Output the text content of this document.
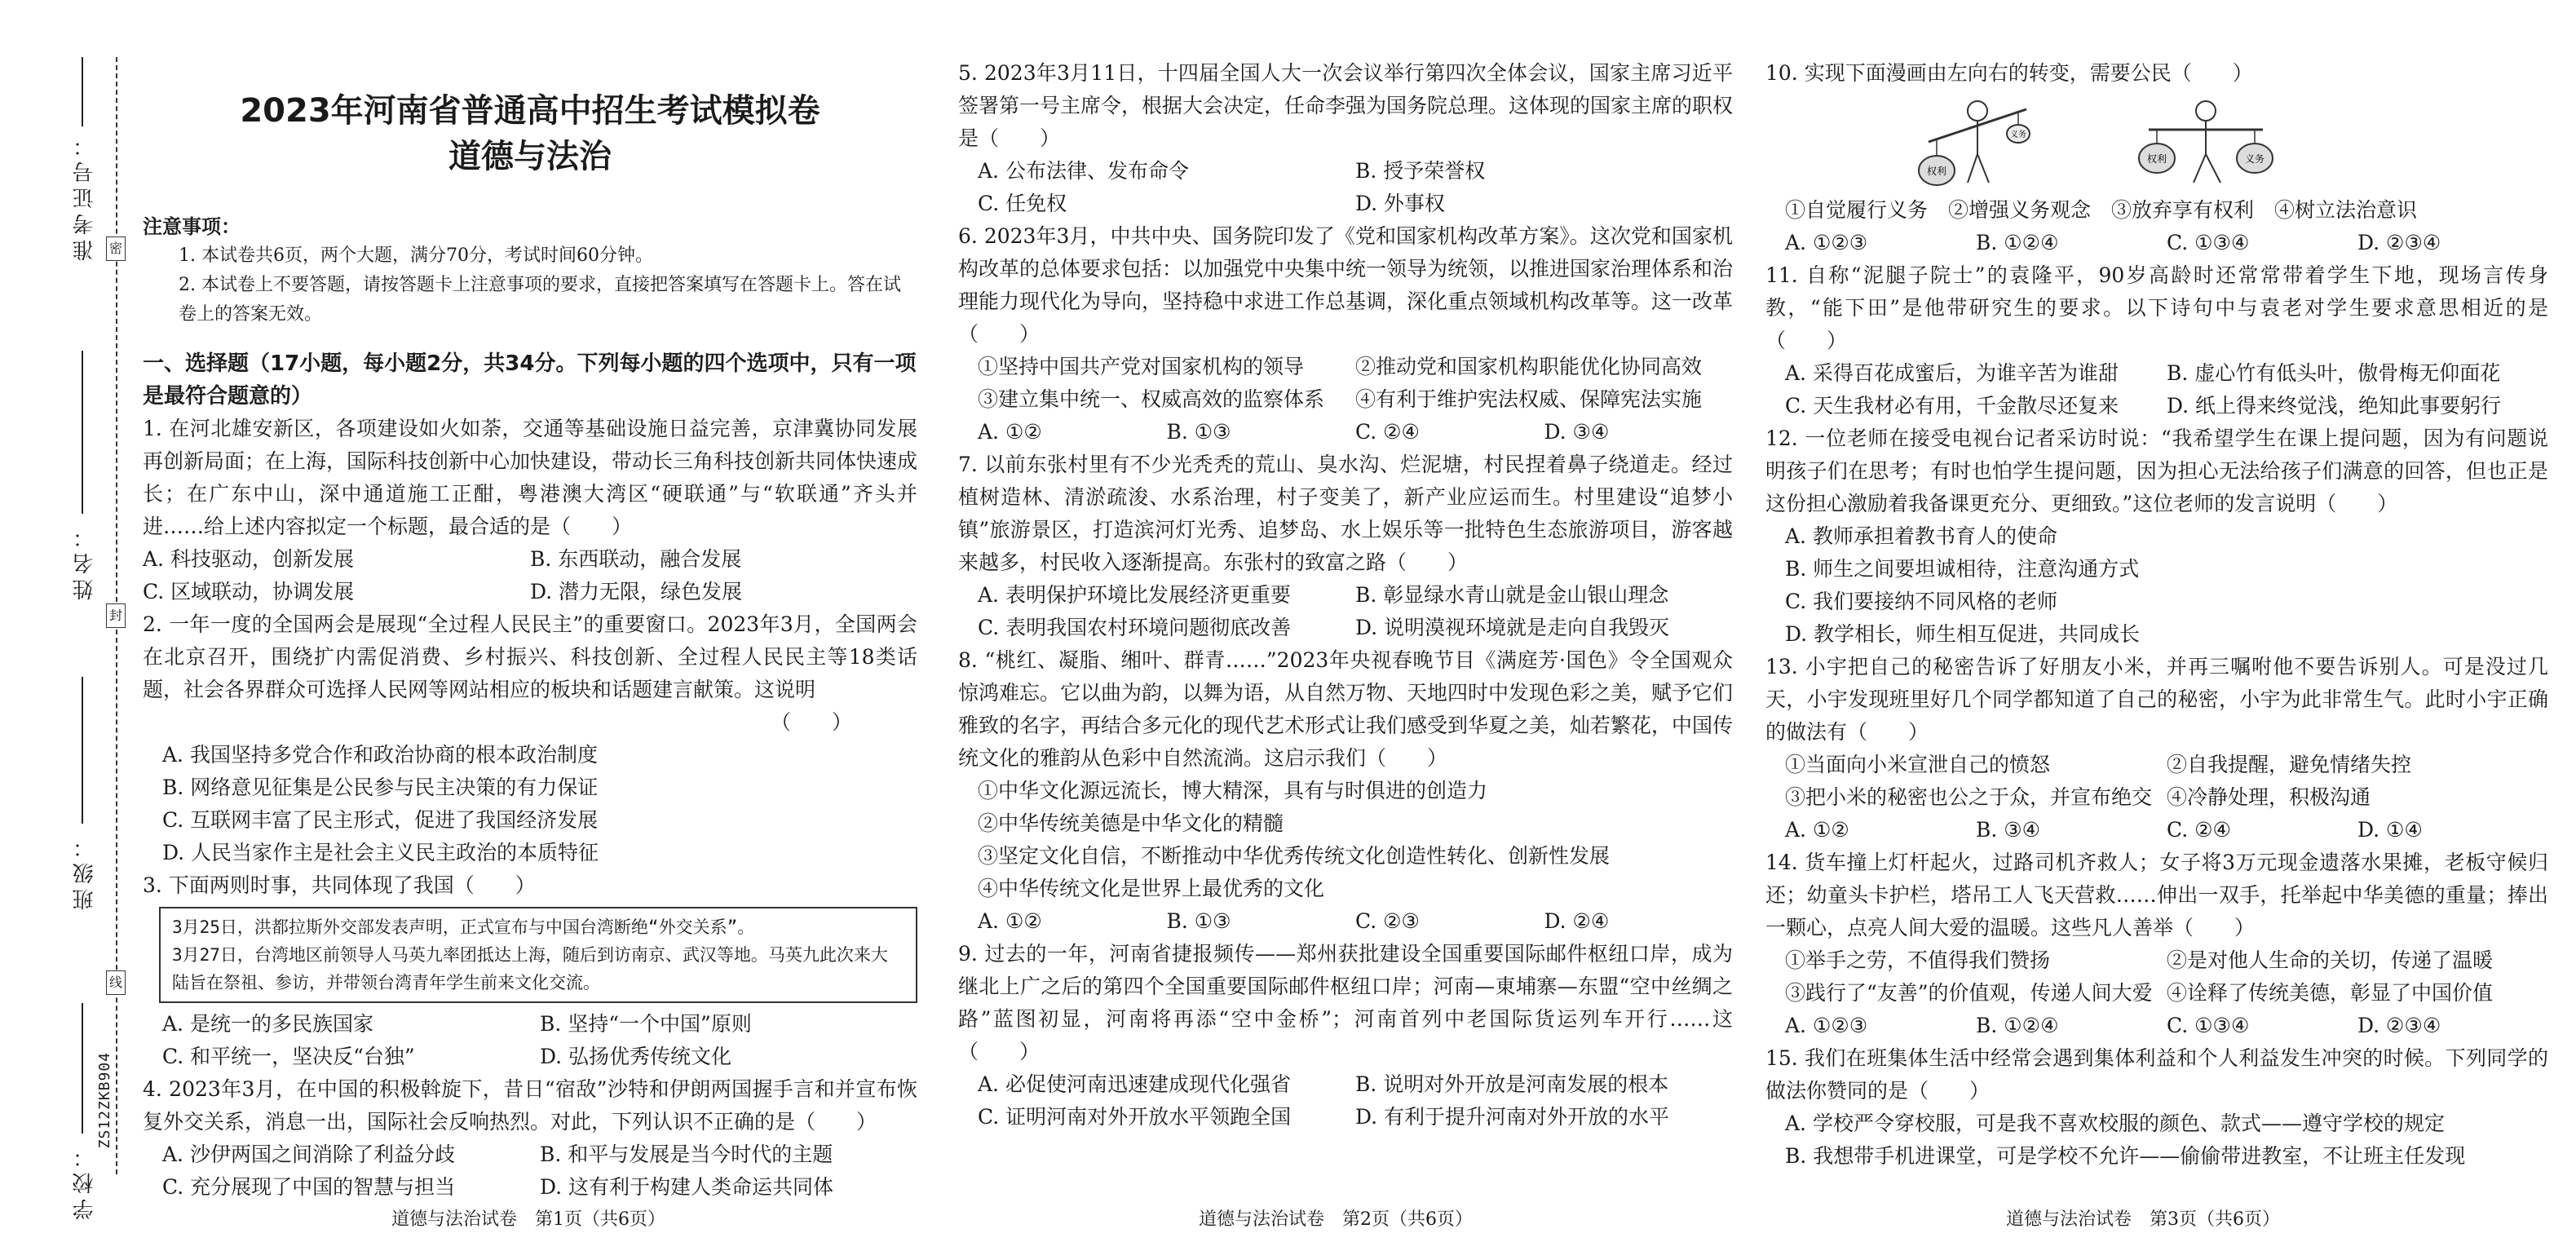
密
封
线
准考证号：
姓名：
班级：
学校：
ZS12ZKB904
2023年河南省普通高中招生考试模拟卷
道德与法治
注意事项：
1. 本试卷共6页，两个大题，满分70分，考试时间60分钟。
2. 本试卷上不要答题，请按答题卡上注意事项的要求，直接把答案填写在答题卡上。答在试卷上的答案无效。
一、选择题（17小题，每小题2分，共34分。下列每小题的四个选项中，只有一项是最符合题意的）

1. 在河北雄安新区，各项建设如火如荼，交通等基础设施日益完善，京津冀协同发展再创新局面；在上海，国际科技创新中心加快建设，带动长三角科技创新共同体快速成长；在广东中山，深中通道施工正酣，粤港澳大湾区“硬联通”与“软联通”齐头并进……给上述内容拟定一个标题，最合适的是（　　）

A. 科技驱动，创新发展	B. 东西联动，融合发展
C. 区域联动，协调发展	D. 潜力无限，绿色发展

2. 一年一度的全国两会是展现“全过程人民民主”的重要窗口。2023年3月，全国两会在北京召开，围绕扩内需促消费、乡村振兴、科技创新、全过程人民民主等18类话题，社会各界群众可选择人民网等网站相应的板块和话题建言献策。这说明

（　　）
A. 我国坚持多党合作和政治协商的根本政治制度
B. 网络意见征集是公民参与民主决策的有力保证
C. 互联网丰富了民主形式，促进了我国经济发展
D. 人民当家作主是社会主义民主政治的本质特征

3. 下面两则时事，共同体现了我国（　　）

3月25日，洪都拉斯外交部发表声明，正式宣布与中国台湾断绝“外交关系”。
3月27日，台湾地区前领导人马英九率团抵达上海，随后到访南京、武汉等地。马英九此次来大陆旨在祭祖、参访，并带领台湾青年学生前来文化交流。
A. 是统一的多民族国家	B. 坚持“一个中国”原则
C. 和平统一，坚决反“台独”	D. 弘扬优秀传统文化

4. 2023年3月，在中国的积极斡旋下，昔日“宿敌”沙特和伊朗两国握手言和并宣布恢复外交关系，消息一出，国际社会反响热烈。对此，下列认识不正确的是（　　）

A. 沙伊两国之间消除了利益分歧	B. 和平与发展是当今时代的主题
C. 充分展现了中国的智慧与担当	D. 这有利于构建人类命运共同体
道德与法治试卷　第1页（共6页）

5. 2023年3月11日，十四届全国人大一次会议举行第四次全体会议，国家主席习近平签署第一号主席令，根据大会决定，任命李强为国务院总理。这体现的国家主席的职权是（　　）

A. 公布法律、发布命令	B. 授予荣誉权
C. 任免权	D. 外事权

6. 2023年3月，中共中央、国务院印发了《党和国家机构改革方案》。这次党和国家机构改革的总体要求包括：以加强党中央集中统一领导为统领，以推进国家治理体系和治理能力现代化为导向，坚持稳中求进工作总基调，深化重点领域机构改革等。这一改革（　　）

①坚持中国共产党对国家机构的领导	②推动党和国家机构职能优化协同高效
③建立集中统一、权威高效的监察体系	④有利于维护宪法权威、保障宪法实施
A. ①②	B. ①③	C. ②④	D. ③④

7. 以前东张村里有不少光秃秃的荒山、臭水沟、烂泥塘，村民捏着鼻子绕道走。经过植树造林、清淤疏浚、水系治理，村子变美了，新产业应运而生。村里建设“追梦小镇”旅游景区，打造滨河灯光秀、追梦岛、水上娱乐等一批特色生态旅游项目，游客越来越多，村民收入逐渐提高。东张村的致富之路（　　）

A. 表明保护环境比发展经济更重要	B. 彰显绿水青山就是金山银山理念
C. 表明我国农村环境问题彻底改善	D. 说明漠视环境就是走向自我毁灭

8. “桃红、凝脂、缃叶、群青……”2023年央视春晚节目《满庭芳·国色》令全国观众惊鸿难忘。它以曲为韵，以舞为语，从自然万物、天地四时中发现色彩之美，赋予它们雅致的名字，再结合多元化的现代艺术形式让我们感受到华夏之美，灿若繁花，中国传统文化的雅韵从色彩中自然流淌。这启示我们（　　）

①中华文化源远流长，博大精深，具有与时俱进的创造力
②中华传统美德是中华文化的精髓
③坚定文化自信，不断推动中华优秀传统文化创造性转化、创新性发展
④中华传统文化是世界上最优秀的文化
A. ①②	B. ①③	C. ②③	D. ②④

9. 过去的一年，河南省捷报频传——郑州获批建设全国重要国际邮件枢纽口岸，成为继北上广之后的第四个全国重要国际邮件枢纽口岸；河南—東埔寨—东盟“空中丝绸之路”蓝图初显，河南将再添“空中金桥”；河南首列中老国际货运列车开行……这（　　）

A. 必促使河南迅速建成现代化强省	B. 说明对外开放是河南发展的根本
C. 证明河南对外开放水平领跑全国	D. 有利于提升河南对外开放的水平
道德与法治试卷　第2页（共6页）

10. 实现下面漫画由左向右的转变，需要公民（　　）

权利
义务
权利	义务
①自觉履行义务　②增强义务观念　③放弃享有权利　④树立法治意识
A. ①②③	B. ①②④	C. ①③④	D. ②③④

11. 自称“泥腿子院士”的袁隆平，90岁高龄时还常常带着学生下地，现场言传身教，“能下田”是他带研究生的要求。以下诗句中与袁老对学生要求意思相近的是（　　）

A. 采得百花成蜜后，为谁辛苦为谁甜	B. 虚心竹有低头叶，傲骨梅无仰面花
C. 天生我材必有用，千金散尽还复来	D. 纸上得来终觉浅，绝知此事要躬行

12. 一位老师在接受电视台记者采访时说：“我希望学生在课上提问题，因为有问题说明孩子们在思考；有时也怕学生提问题，因为担心无法给孩子们满意的回答，但也正是这份担心激励着我备课更充分、更细致。”这位老师的发言说明（　　）

A. 教师承担着教书育人的使命
B. 师生之间要坦诚相待，注意沟通方式
C. 我们要接纳不同风格的老师
D. 教学相长，师生相互促进，共同成长

13. 小宇把自己的秘密告诉了好朋友小米，并再三嘱咐他不要告诉别人。可是没过几天，小宇发现班里好几个同学都知道了自己的秘密，小宇为此非常生气。此时小宇正确的做法有（　　）

①当面向小米宣泄自己的愤怒	②自我提醒，避免情绪失控
③把小米的秘密也公之于众，并宣布绝交 ④冷静处理，积极沟通
A. ①②	B. ③④	C. ②④	D. ①④

14. 货车撞上灯杆起火，过路司机齐救人；女子将3万元现金遗落水果摊，老板守候归还；幼童头卡护栏，塔吊工人飞天营救……伸出一双手，托举起中华美德的重量；捧出一颗心，点亮人间大爱的温暖。这些凡人善举（　　）

①举手之劳，不值得我们赞扬	②是对他人生命的关切，传递了温暖
③践行了“友善”的价值观，传递人间大爱 ④诠释了传统美德，彰显了中国价值
A. ①②③	B. ①②④	C. ①③④	D. ②③④

15. 我们在班集体生活中经常会遇到集体利益和个人利益发生冲突的时候。下列同学的做法你赞同的是（　　）

A. 学校严令穿校服，可是我不喜欢校服的颜色、款式——遵守学校的规定
B. 我想带手机进课堂，可是学校不允许——偷偷带进教室，不让班主任发现
道德与法治试卷　第3页（共6页）
